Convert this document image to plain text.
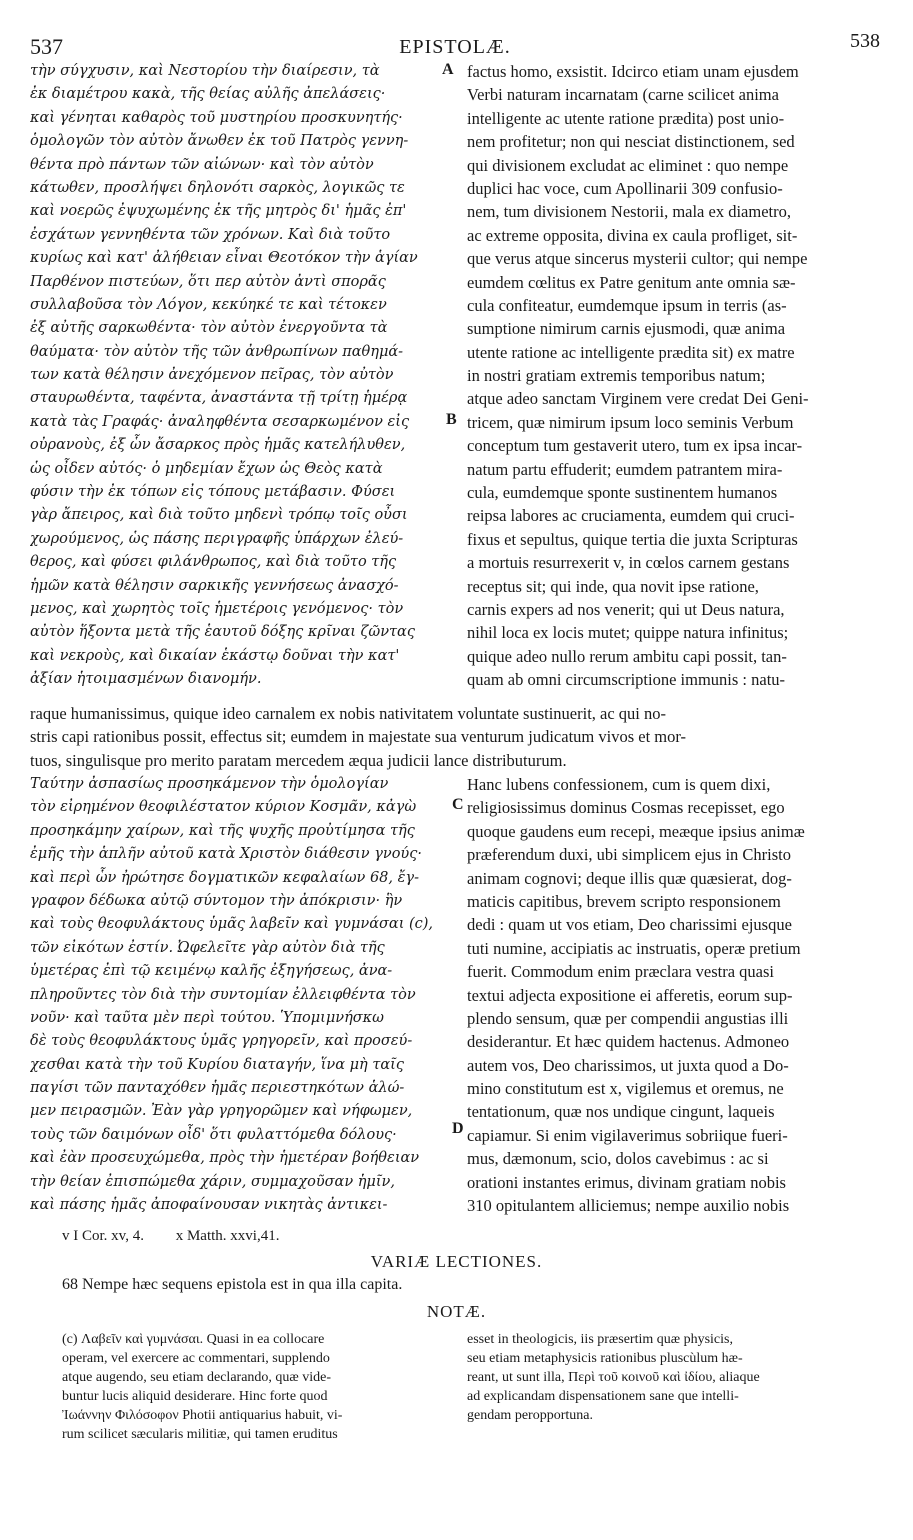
537	EPISTOLÆ.	538
τὴν σύγχυσιν, καὶ Νεστορίου τὴν διαίρεσιν, τὰ
ἐκ διαμέτρου κακὰ, τῆς θείας αὐλῆς ἀπελάσεις·
καὶ γένηται καθαρὸς τοῦ μυστηρίου προσκυνητής·
ὁμολογῶν τὸν αὐτὸν ἄνωθεν ἐκ τοῦ Πατρὸς γεννη-
θέντα πρὸ πάντων τῶν αἰώνων· καὶ τὸν αὐτὸν
κάτωθεν, προσλήψει δηλονότι σαρκὸς, λογικῶς τε
καὶ νοερῶς ἐψυχωμένης ἐκ τῆς μητρὸς δι' ἡμᾶς ἐπ'
ἐσχάτων γεννηθέντα τῶν χρόνων. Καὶ διὰ τοῦτο
κυρίως καὶ κατ' ἀλήθειαν εἶναι Θεοτόκον τὴν ἁγίαν
Παρθένον πιστεύων, ὅτι περ αὐτὸν ἀντὶ σπορᾶς
συλλαβοῦσα τὸν Λόγον, κεκύηκέ τε καὶ τέτοκεν
ἐξ αὐτῆς σαρκωθέντα· τὸν αὐτὸν ἐνεργοῦντα τὰ
θαύματα· τὸν αὐτὸν τῆς τῶν ἀνθρωπίνων παθημά-
των κατὰ θέλησιν ἀνεχόμενον πεῖρας, τὸν αὐτὸν
σταυρωθέντα, ταφέντα, ἀναστάντα τῇ τρίτῃ ἡμέρᾳ
κατὰ τὰς Γραφάς· ἀναληφθέντα σεσαρκωμένον εἰς
οὐρανοὺς, ἐξ ὧν ἄσαρκος πρὸς ἡμᾶς κατελήλυθεν,
ὡς οἶδεν αὐτός· ὁ μηδεμίαν ἔχων ὡς Θεὸς κατὰ
φύσιν τὴν ἐκ τόπων εἰς τόπους μετάβασιν. Φύσει
γὰρ ἄπειρος, καὶ διὰ τοῦτο μηδενὶ τρόπῳ τοῖς οὖσι
χωρούμενος, ὡς πάσης περιγραφῆς ὑπάρχων ἐλεύ-
θερος, καὶ φύσει φιλάνθρωπος, καὶ διὰ τοῦτο τῆς
ἡμῶν κατὰ θέλησιν σαρκικῆς γεννήσεως ἀνασχό-
μενος, καὶ χωρητὸς τοῖς ἡμετέροις γενόμενος· τὸν
αὐτὸν ἥξοντα μετὰ τῆς ἑαυτοῦ δόξης κρῖναι ζῶντας
καὶ νεκροὺς, καὶ δικαίαν ἑκάστῳ δοῦναι τὴν κατ'
ἀξίαν ἡτοιμασμένων διανομήν.
factus homo, exsistit. Idcirco etiam unam ejusdem
Verbi naturam incarnatam (carne scilicet anima
intelligente ac utente ratione prædita) post unio-
nem profitetur; non qui nesciat distinctionem, sed
qui divisionem excludat ac eliminet : quo nempe
duplici hac voce, cum Apollinarii 309 confusio-
nem, tum divisionem Nestorii, mala ex diametro,
ac extreme opposita, divina ex caula profliget, sit-
que verus atque sincerus mysterii cultor; qui nempe
eumdem cœlitus ex Patre genitum ante omnia sæ-
cula confiteatur, eumdemque ipsum in terris (as-
sumptione nimirum carnis ejusmodi, quæ anima
utente ratione ac intelligente prædita sit) ex matre
in nostri gratiam extremis temporibus natum;
atque adeo sanctam Virginem vere credat Dei Geni-
tricem, quæ nimirum ipsum loco seminis Verbum
conceptum tum gestaverit utero, tum ex ipsa incar-
natum partu effuderit; eumdem patrantem mira-
cula, eumdemque sponte sustinentem humanos
reipsa labores ac cruciamenta, eumdem qui cruci-
fixus et sepultus, quique tertia die juxta Scripturas
a mortuis resurrexerit v, in cœlos carnem gestans
receptus sit; qui inde, qua novit ipse ratione,
carnis expers ad nos venerit; qui ut Deus natura,
nihil loca ex locis mutet; quippe natura infinitus;
quique adeo nullo rerum ambitu capi possit, tan-
quam ab omni circumscriptione immunis : natu-
raque humanissimus, quique ideo carnalem ex nobis nativitatem voluntate sustinuerit, ac qui no-
stris capi rationibus possit, effectus sit; eumdem in majestate sua venturum judicatum vivos et mor-
tuos, singulisque pro merito paratam mercedem æqua judicii lance distributurum.
Ταύτην ἀσπασίως προσηκάμενον τὴν ὁμολογίαν
τὸν εἰρημένον θεοφιλέστατον κύριον Κοσμᾶν, κἀγὼ
προσηκάμην χαίρων, καὶ τῆς ψυχῆς προὐτίμησα τῆς
ἐμῆς τὴν ἁπλῆν αὐτοῦ κατὰ Χριστὸν διάθεσιν γνούς·
καὶ περὶ ὧν ἠρώτησε δογματικῶν κεφαλαίων 68, ἔγ-
γραφον δέδωκα αὐτῷ σύντομον τὴν ἀπόκρισιν· ἣν
καὶ τοὺς θεοφυλάκτους ὑμᾶς λαβεῖν καὶ γυμνάσαι (c),
τῶν εἰκότων ἐστίν. Ὠφελεῖτε γὰρ αὐτὸν διὰ τῆς
ὑμετέρας ἐπὶ τῷ κειμένῳ καλῆς ἐξηγήσεως, ἀνα-
πληροῦντες τὸν διὰ τὴν συντομίαν ἐλλειφθέντα τὸν
νοῦν· καὶ ταῦτα μὲν περὶ τούτου. Ὑπομιμνήσκω
δὲ τοὺς θεοφυλάκτους ὑμᾶς γρηγορεῖν, καὶ προσεύ-
χεσθαι κατὰ τὴν τοῦ Κυρίου διαταγήν, ἵνα μὴ ταῖς
παγίσι τῶν πανταχόθεν ἡμᾶς περιεστηκότων ἁλώ-
μεν πειρασμῶν. Ἐὰν γὰρ γρηγορῶμεν καὶ νήφωμεν,
τοὺς τῶν δαιμόνων οἶδ' ὅτι φυλαττόμεθα δόλους·
καὶ ἐὰν προσευχώμεθα, πρὸς τὴν ἡμετέραν βοήθειαν
τὴν θείαν ἐπισπώμεθα χάριν, συμμαχοῦσαν ἡμῖν,
καὶ πάσης ἡμᾶς ἀποφαίνουσαν νικητὰς ἀντικει-
Hanc lubens confessionem, cum is quem dixi,
religiosissimus dominus Cosmas recepisset, ego
quoque gaudens eum recepi, meæque ipsius animæ
præferendum duxi, ubi simplicem ejus in Christo
animam cognovi; deque illis quæ quæsierat, dog-
maticis capitibus, brevem scripto responsionem
dedi : quam ut vos etiam, Deo charissimi ejusque
tuti numine, accipiatis ac instruatis, operæ pretium
fuerit. Commodum enim præclara vestra quasi
textui adjecta expositione ei afferetis, eorum sup-
plendo sensum, quæ per compendii angustias illi
desiderantur. Et hæc quidem hactenus. Admoneo
autem vos, Deo charissimos, ut juxta quod a Do-
mino constitutum est x, vigilemus et oremus, ne
tentationum, quæ nos undique cingunt, laqueis
capiamur. Si enim vigilaverimus sobriique fueri-
mus, dæmonum, scio, dolos cavebimus : ac si
orationi instantes erimus, divinam gratiam nobis
310 opitulantem alliciemus; nempe auxilio nobis
A
B
C
D
v I Cor. xv, 4. x Matth. xxvi,41.
VARIÆ LECTIONES.
68 Nempe hæc sequens epistola est in qua illa capita.
NOTÆ.
(c) Λαβεῖν καὶ γυμνάσαι. Quasi in ea collocare
operam, vel exercere ac commentari, supplendo
atque augendo, seu etiam declarando, quæ vide-
buntur lucis aliquid desiderare. Hinc forte quod
Ἰωάννην Φιλόσοφον Photii antiquarius habuit, vi-
rum scilicet sæcularis militiæ, qui tamen eruditus
esset in theologicis, iis præsertim quæ physicis,
seu etiam metaphysicis rationibus pluscùlum hæ-
reant, ut sunt illa, Περὶ τοῦ κοινοῦ καὶ ἰδίου, aliaque
ad explicandam dispensationem sane que intelli-
gendam peropportuna.
